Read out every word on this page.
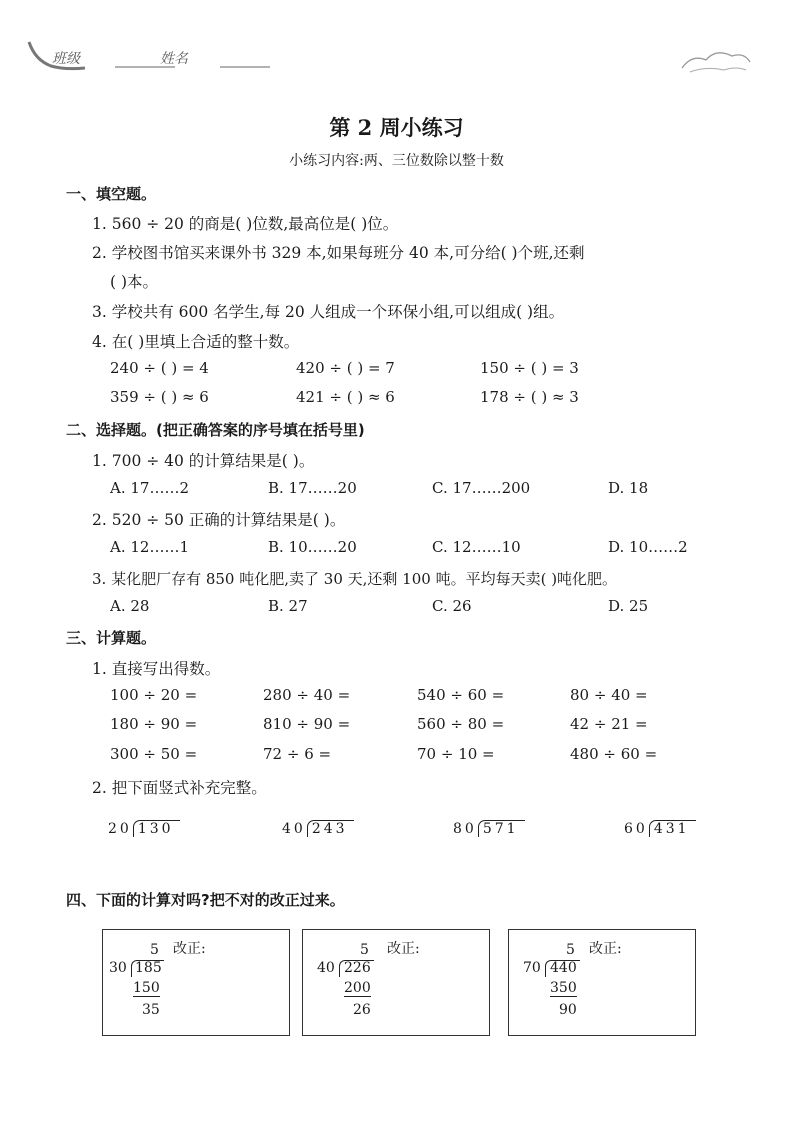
班级	姓名
第 2 周小练习
小练习内容:两、三位数除以整十数
一、填空题。
1. 560 ÷ 20 的商是( )位数,最高位是( )位。
2. 学校图书馆买来课外书 329 本,如果每班分 40 本,可分给( )个班,还剩
( )本。
3. 学校共有 600 名学生,每 20 人组成一个环保小组,可以组成( )组。
4. 在( )里填上合适的整十数。
240 ÷ ( ) = 4	420 ÷ ( ) = 7	150 ÷ ( ) = 3
359 ÷ ( ) ≈ 6	421 ÷ ( ) ≈ 6	178 ÷ ( ) ≈ 3
二、选择题。(把正确答案的序号填在括号里)
1. 700 ÷ 40 的计算结果是( )。
A. 17……2	B. 17……20	C. 17……200	D. 18
2. 520 ÷ 50 正确的计算结果是( )。
A. 12……1	B. 10……20	C. 12……10	D. 10……2
3. 某化肥厂存有 850 吨化肥,卖了 30 天,还剩 100 吨。平均每天卖( )吨化肥。
A. 28	B. 27	C. 26	D. 25
三、计算题。
1. 直接写出得数。
100 ÷ 20 =	280 ÷ 40 =	540 ÷ 60 =	80 ÷ 40 =
180 ÷ 90 =	810 ÷ 90 =	560 ÷ 80 =	42 ÷ 21 =
300 ÷ 50 =	72 ÷ 6 =	70 ÷ 10 =	480 ÷ 60 =
2. 把下面竖式补充完整。
20 130	40 243	80 571	60 431
四、下面的计算对吗?把不对的改正过来。
5
30 185
150
35
改正:	5
40 226
200
26
改正:	5
70 440
350
90
改正:
